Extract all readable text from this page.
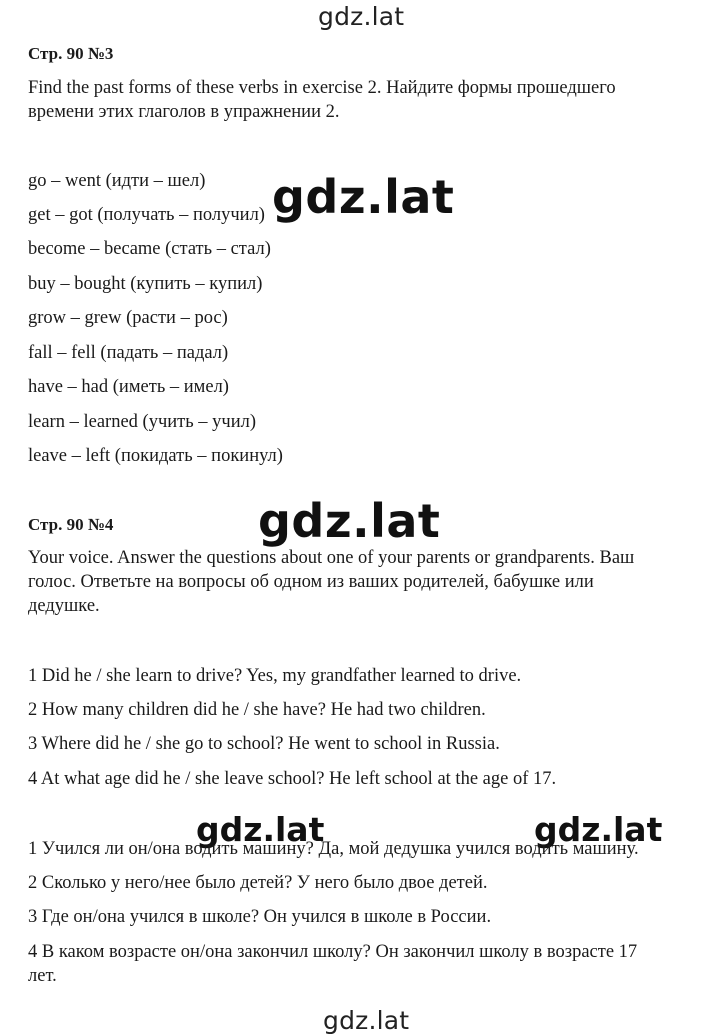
gdz.lat
Стр. 90 №3
Find the past forms of these verbs in exercise 2. Найдите формы прошедшего
времени этих глаголов в упражнении 2.
go – went (идти – шел)
get – got (получать – получил)
become – became (стать – стал)
buy – bought (купить – купил)
grow – grew (расти – рос)
fall – fell (падать – падал)
have – had (иметь – имел)
learn – learned (учить – учил)
leave – left (покидать – покинул)
gdz.lat
Стр. 90 №4	gdz.lat
Your voice. Answer the questions about one of your parents or grandparents. Ваш
голос. Ответьте на вопросы об одном из ваших родителей, бабушке или
дедушке.
1 Did he / she learn to drive? Yes, my grandfather learned to drive.
2 How many children did he / she have? He had two children.
3 Where did he / she go to school? He went to school in Russia.
4 At what age did he / she leave school? He left school at the age of 17.
gdz.lat	gdz.lat
1 Учился ли он/она водить машину? Да, мой дедушка учился водить машину.
2 Сколько у него/нее было детей? У него было двое детей.
3 Где он/она учился в школе? Он учился в школе в России.
4 В каком возрасте он/она закончил школу? Он закончил школу в возрасте 17
лет.
gdz.lat
